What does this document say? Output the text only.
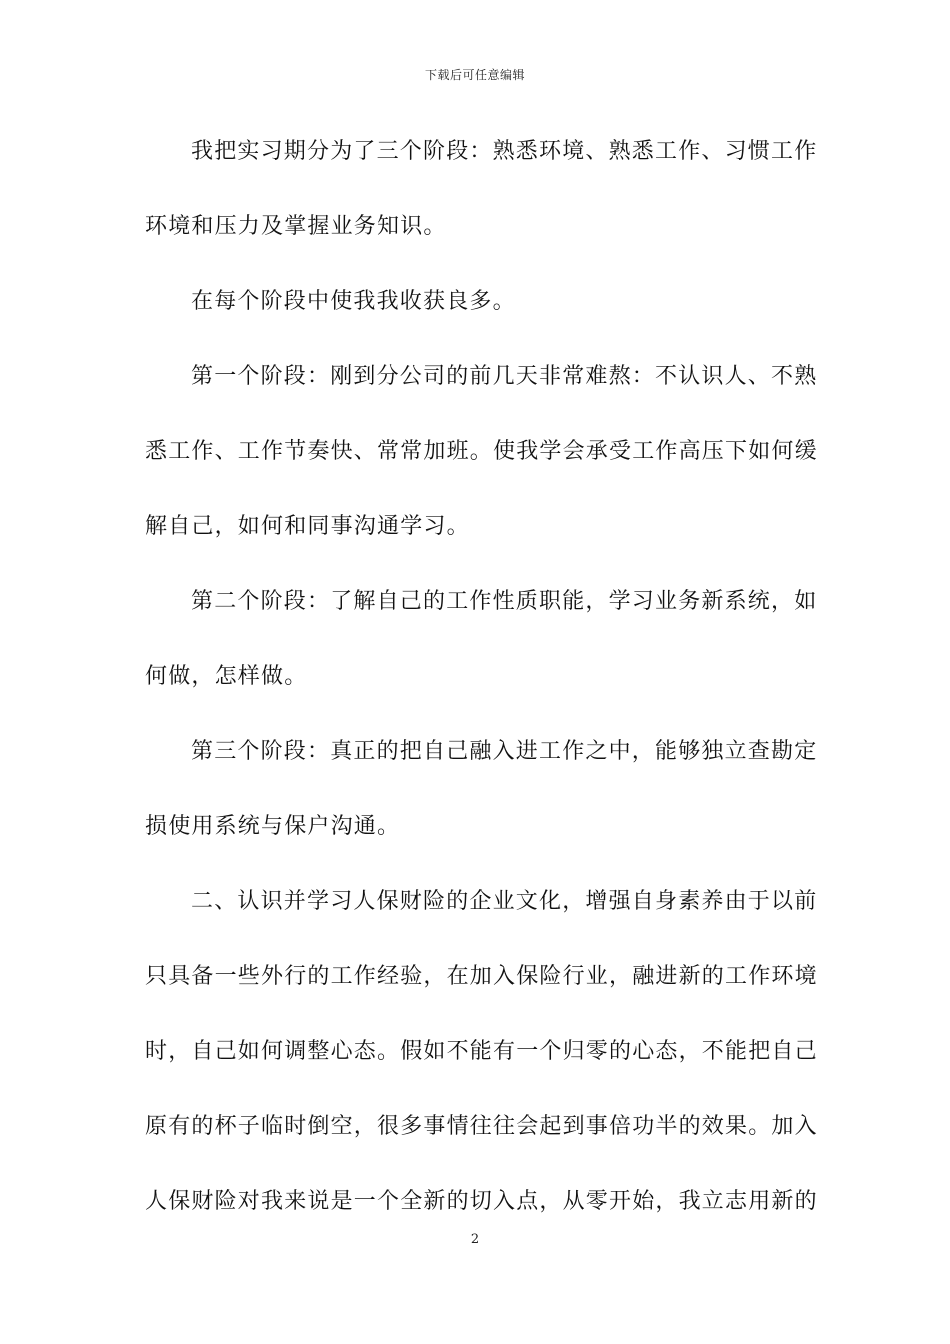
下载后可任意编辑
我把实习期分为了三个阶段：熟悉环境、熟悉工作、习惯工作
环境和压力及掌握业务知识。
在每个阶段中使我我收获良多。
第一个阶段：刚到分公司的前几天非常难熬：不认识人、不熟
悉工作、工作节奏快、常常加班。使我学会承受工作高压下如何缓
解自己，如何和同事沟通学习。
第二个阶段：了解自己的工作性质职能，学习业务新系统，如
何做，怎样做。
第三个阶段：真正的把自己融入进工作之中，能够独立查勘定
损使用系统与保户沟通。
二、认识并学习人保财险的企业文化，增强自身素养由于以前
只具备一些外行的工作经验，在加入保险行业，融进新的工作环境
时，自己如何调整心态。假如不能有一个归零的心态，不能把自己
原有的杯子临时倒空，很多事情往往会起到事倍功半的效果。加入
人保财险对我来说是一个全新的切入点，从零开始，我立志用新的
2
